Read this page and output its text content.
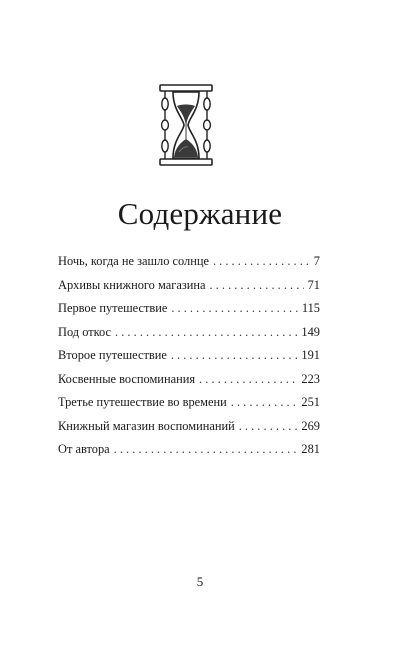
Содержание
Ночь, когда не зашло солнце . . .	7
Архивы книжного магазина . . .	71
Первое путешествие . . .	115
Под откос . . .	149
Второе путешествие . . .	191
Косвенные воспоминания . . .	223
Третье путешествие во времени . . .	251
Книжный магазин воспоминаний . . .	269
От автора . . .	281
5
